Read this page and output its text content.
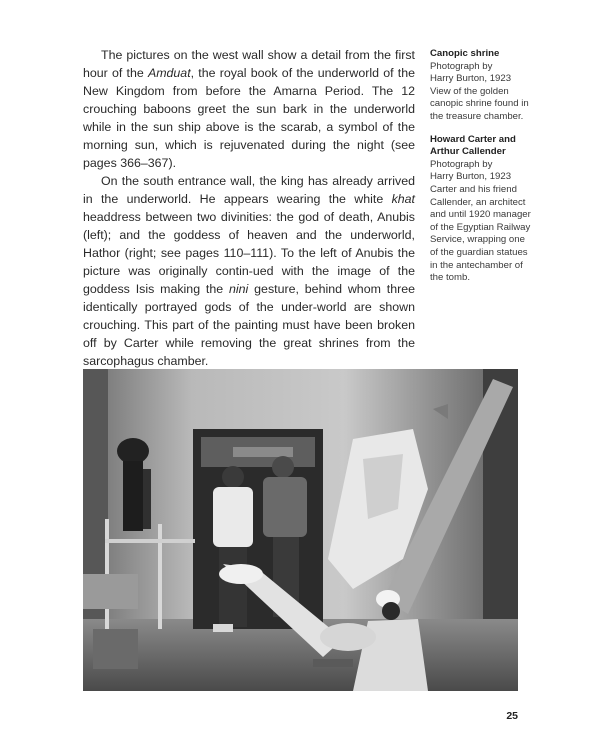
The pictures on the west wall show a detail from the first hour of the Amduat, the royal book of the underworld of the New Kingdom from before the Amarna Period. The 12 crouching baboons greet the sun bark in the underworld while in the sun ship above is the scarab, a symbol of the morning sun, which is rejuvenated during the night (see pages 366–367).

On the south entrance wall, the king has already arrived in the underworld. He appears wearing the white khat headdress between two divinities: the god of death, Anubis (left); and the goddess of heaven and the underworld, Hathor (right; see pages 110–111). To the left of Anubis the picture was originally contin-ued with the image of the goddess Isis making the nini gesture, behind whom three identically portrayed gods of the under-world are shown crouching. This part of the painting must have been broken off by Carter while removing the great shrines from the sarcophagus chamber.

Canopic shrine
Photograph by
Harry Burton, 1923
View of the golden
canopic shrine found in
the treasure chamber.
Howard Carter and
Arthur Callender
Photograph by
Harry Burton, 1923
Carter and his friend
Callender, an architect
and until 1920 manager
of the Egyptian Railway
Service, wrapping one
of the guardian statues
in the antechamber of
the tomb.
25
